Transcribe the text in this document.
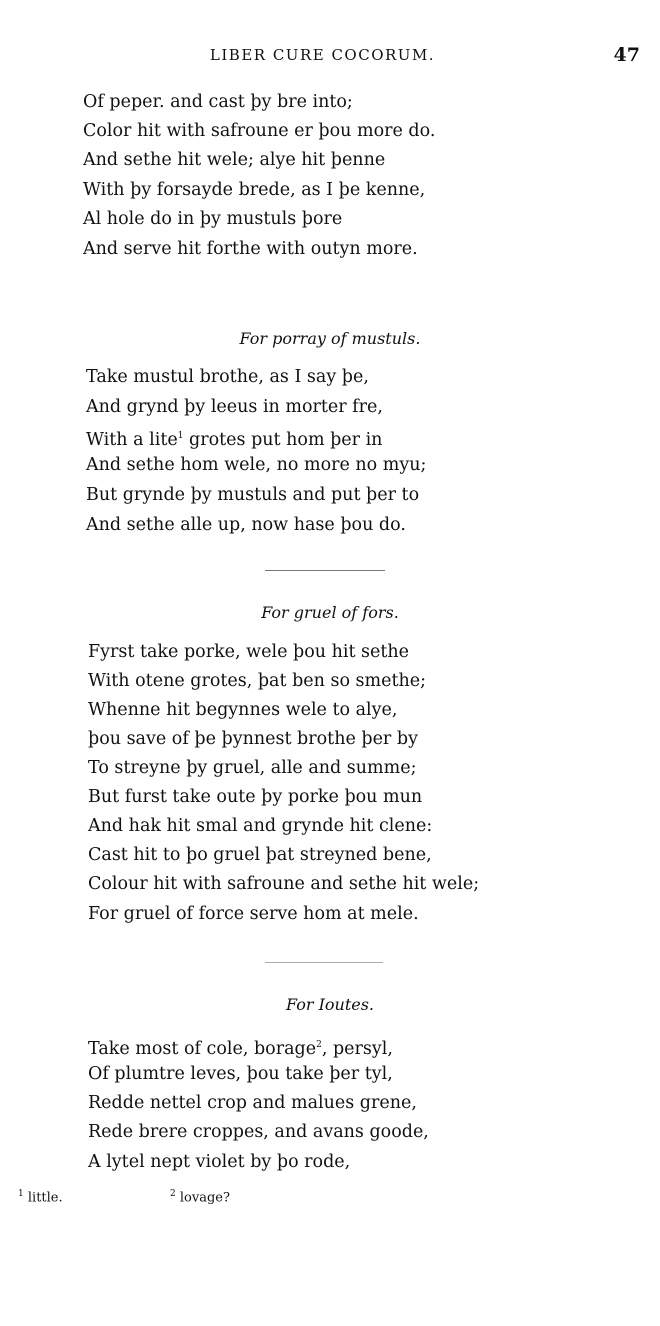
LIBER CURE COCORUM.	47
Of peper. and cast þy bre into;
Color hit with safroune er þou more do.
And sethe hit wele; alye hit þenne
With þy forsayde brede, as I þe kenne,
Al hole do in þy mustuls þore
And serve hit forthe with outyn more.
For porray of mustuls.
Take mustul brothe, as I say þe,
And grynd þy leeus in morter fre,
With a lite$^1$ grotes put hom þer in
And sethe hom wele, no more no myu;
But grynde þy mustuls and put þer to
And sethe alle up, now hase þou do.
For gruel of fors.
Fyrst take porke, wele þou hit sethe
With otene grotes, þat ben so smethe;
Whenne hit begynnes wele to alye,
þou save of þe þynnest brothe þer by
To streyne þy gruel, alle and summe;
But furst take oute þy porke þou mun
And hak hit smal and grynde hit clene:
Cast hit to þo gruel þat streyned bene,
Colour hit with safroune and sethe hit wele;
For gruel of force serve hom at mele.
For Ioutes.
Take most of cole, borage$^2$, persyl,
Of plumtre leves, þou take þer tyl,
Redde nettel crop and malues grene,
Rede brere croppes, and avans goode,
A lytel nept violet by þo rode,
$^1$ little.	$^2$ lovage?
